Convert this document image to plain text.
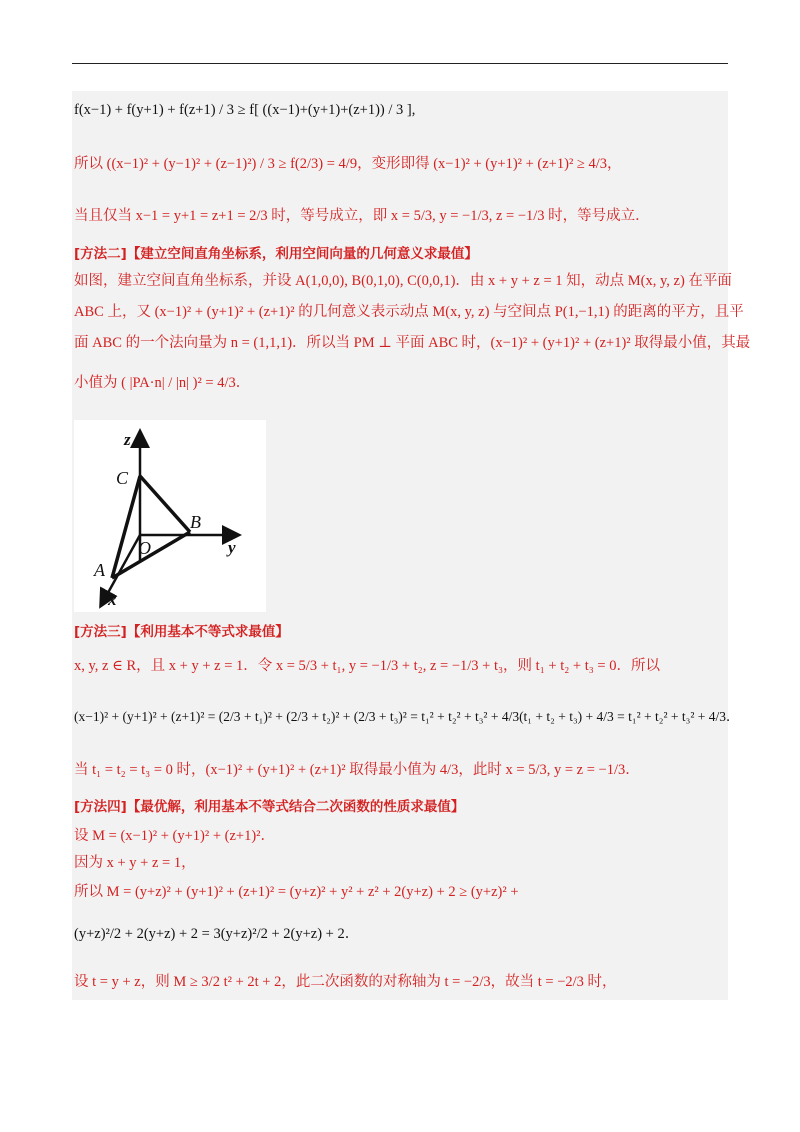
f(x−1) + f(y+1) + f(z+1) / 3 ≥ f[ ((x−1)+(y+1)+(z+1)) / 3 ],
所以 ((x−1)² + (y−1)² + (z−1)²) / 3 ≥ f(2/3) = 4/9，变形即得 (x−1)² + (y+1)² + (z+1)² ≥ 4/3，
当且仅当 x−1 = y+1 = z+1 = 2/3 时，等号成立，即 x = 5/3, y = −1/3, z = −1/3 时，等号成立．
[方法二]【建立空间直角坐标系，利用空间向量的几何意义求最值】
如图，建立空间直角坐标系，并设 A(1,0,0), B(0,1,0), C(0,0,1)．由 x + y + z = 1 知，动点 M(x, y, z) 在平面
ABC 上，又 (x−1)² + (y+1)² + (z+1)² 的几何意义表示动点 M(x, y, z) 与空间点 P(1,−1,1) 的距离的平方，且平
面 ABC 的一个法向量为 n = (1,1,1)．所以当 PM ⊥ 平面 ABC 时，(x−1)² + (y+1)² + (z+1)² 取得最小值，其最
小值为 ( |PA·n| / |n| )² = 4/3．
z
C
B
O	y
A
x
[方法三]【利用基本不等式求最值】
x, y, z ∈ R，且 x + y + z = 1．令 x = 5/3 + t₁, y = −1/3 + t₂, z = −1/3 + t₃，则 t₁ + t₂ + t₃ = 0．所以
(x−1)² + (y+1)² + (z+1)² = (2/3 + t₁)² + (2/3 + t₂)² + (2/3 + t₃)² = t₁² + t₂² + t₃² + 4/3(t₁ + t₂ + t₃) + 4/3 = t₁² + t₂² + t₃² + 4/3．
当 t₁ = t₂ = t₃ = 0 时，(x−1)² + (y+1)² + (z+1)² 取得最小值为 4/3，此时 x = 5/3, y = z = −1/3．
[方法四]【最优解，利用基本不等式结合二次函数的性质求最值】
设 M = (x−1)² + (y+1)² + (z+1)²．
因为 x + y + z = 1，
所以 M = (y+z)² + (y+1)² + (z+1)² = (y+z)² + y² + z² + 2(y+z) + 2 ≥ (y+z)² +
(y+z)²/2 + 2(y+z) + 2 = 3(y+z)²/2 + 2(y+z) + 2．
设 t = y + z，则 M ≥ 3/2 t² + 2t + 2，此二次函数的对称轴为 t = −2/3，故当 t = −2/3 时，
